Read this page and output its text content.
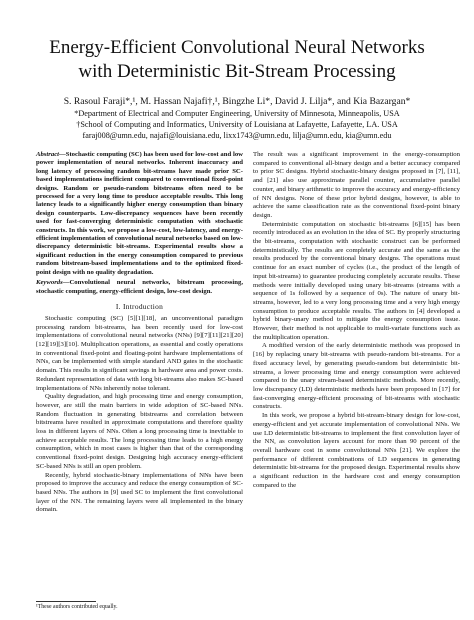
Energy-Efficient Convolutional Neural Networks
with Deterministic Bit-Stream Processing
S. Rasoul Faraji*,¹, M. Hassan Najafi†,¹, Bingzhe Li*, David J. Lilja*, and Kia Bazargan*
*Department of Electrical and Computer Engineering, University of Minnesota, Minneapolis, USA
†School of Computing and Informatics, University of Louisiana at Lafayette, Lafayette, LA. USA
faraj008@umn.edu, najafi@louisiana.edu, lixx1743@umn.edu, lilja@umn.edu, kia@umn.edu
Abstract—Stochastic computing (SC) has been used for low-cost and low power implementation of neural networks. Inherent inaccuracy and long latency of processing random bit-streams have made prior SC-based implementations inefficient compared to conventional fixed-point designs. Random or pseudo-random bitstreams often need to be processed for a very long time to produce acceptable results. This long latency leads to a significantly higher energy consumption than binary design counterparts. Low-discrepancy sequences have been recently used for fast-converging deterministic computation with stochastic constructs. In this work, we propose a low-cost, low-latency, and energy-efficient implementation of convolutional neural networks based on low-discrepancy deterministic bit-streams. Experimental results show a significant reduction in the energy consumption compared to previous random bitstream-based implementations and to the optimized fixed-point design with no quality degradation.
Keywords—Convolutional neural networks, bitstream processing, stochastic computing, energy-efficient design, low-cost design.
I. Introduction

Stochastic computing (SC) [5][1][18], an unconventional paradigm processing random bit-streams, has been recently used for low-cost implementations of convolutional neural networks (NNs) [9][7][11][21][20][12][19][3][10]. Multiplication operations, as essential and costly operations in conventional fixed-point and floating-point hardware implementations of NNs, can be implemented with simple standard AND gates in the stochastic domain. This results in significant savings in hardware area and power costs. Redundant representation of data with long bit-streams also makes SC-based implementations of NNs inherently noise tolerant.

Quality degradation, and high processing time and energy consumption, however, are still the main barriers in wide adoption of SC-based NNs. Random fluctuation in generating bitstreams and correlation between bitstreams have resulted in approximate computations and therefore quality loss in different layers of NNs. Often a long processing time is inevitable to achieve acceptable results. The long processing time leads to a high energy consumption, which in most cases is higher than that of the corresponding conventional fixed-point design. Designing high accuracy energy-efficient SC-based NNs is still an open problem.

Recently, hybrid stochastic-binary implementations of NNs have been proposed to improve the accuracy and reduce the energy consumption of SC-based NNs. The authors in [9] used SC to implement the first convolutional layer of the NN. The remaining layers were all implemented in the binary domain.

¹These authors contributed equally.

The result was a significant improvement in the energy-consumption compared to conventional all-binary design and a better accuracy compared to prior SC designs. Hybrid stochastic-binary designs proposed in [7], [11], and [21] also use approximate parallel counter, accumulative parallel counter, and binary arithmetic to improve the accuracy and energy-efficiency of NN designs. None of these prior hybrid designs, however, is able to achieve the same classification rate as the conventional fixed-point binary design.

Deterministic computation on stochastic bit-streams [6][15] has been recently introduced as an evolution in the idea of SC. By properly structuring the bit-streams, computation with stochastic construct can be performed deterministically. The results are completely accurate and the same as the results produced by the conventional binary designs. The operations must continue for an exact number of cycles (i.e., the product of the length of input bit-streams) to guarantee producing completely accurate results. These methods were initially developed using unary bit-streams (streams with a sequence of 1s followed by a sequence of 0s). The nature of unary bit-streams, however, led to a very long processing time and a very high energy consumption to produce acceptable results. The authors in [4] developed a hybrid binary-unary method to mitigate the energy consumption issue. However, their method is not applicable to multi-variate functions such as the multiplication operation.

A modified version of the early deterministic methods was proposed in [16] by replacing unary bit-streams with pseudo-random bit-streams. For a fixed accuracy level, by generating pseudo-random but deterministic bit-streams, a lower processing time and energy consumption were achieved compared to the unary stream-based deterministic methods. More recently, low discrepancy (LD) deterministic methods have been proposed in [17] for fast-converging energy-efficient processing of bit-streams with stochastic constructs.

In this work, we propose a hybrid bit-stream-binary design for low-cost, energy-efficient and yet accurate implementation of convolutional NNs. We use LD deterministic bit-streams to implement the first convolution layer of the NN, as convolution layers account for more than 90 percent of the overall hardware cost in some convolutional NNs [21]. We explore the performance of different combinations of LD sequences in generating deterministic bit-streams for the proposed design. Experimental results show a significant reduction in the hardware cost and energy consumption compared to the
